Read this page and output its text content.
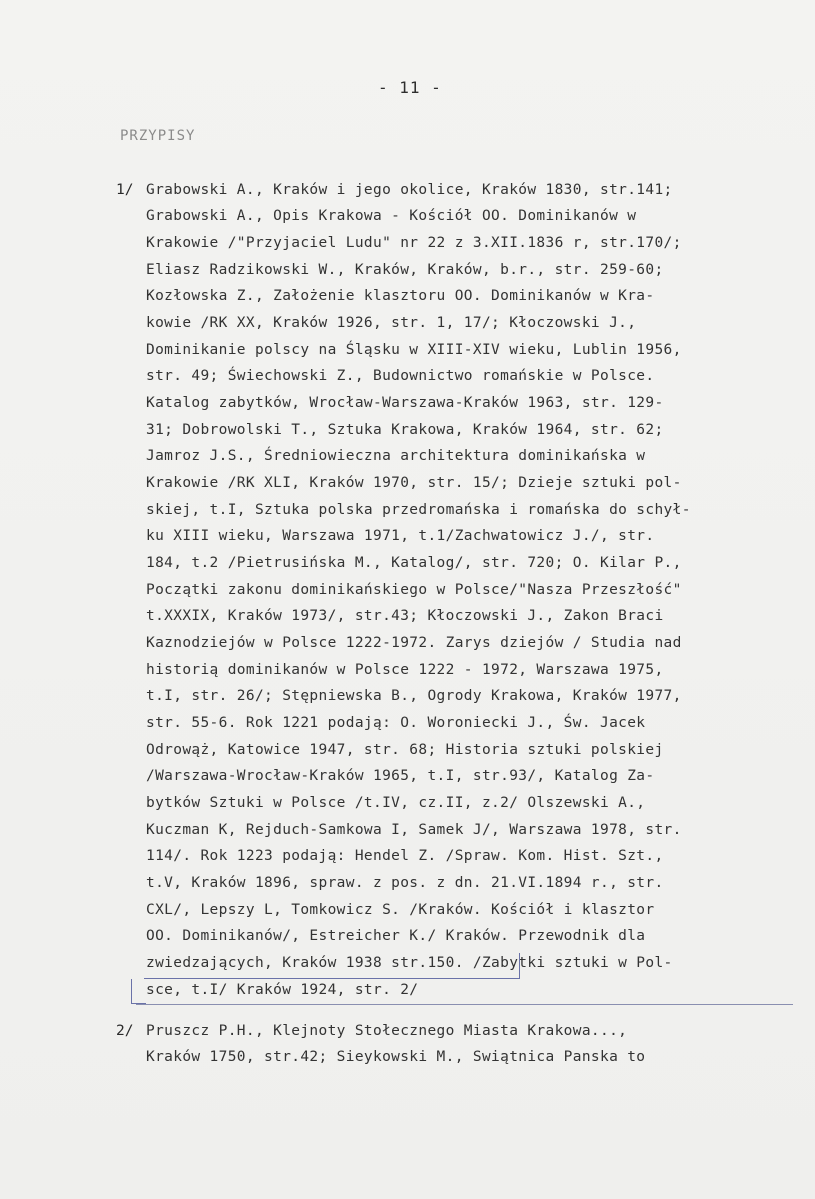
- 11 -
PRZYPISY
1/ Grabowski A., Kraków i jego okolice, Kraków 1830, str.141;
Grabowski A., Opis Krakowa - Kościół OO. Dominikanów w
Krakowie /"Przyjaciel Ludu" nr 22 z 3.XII.1836 r, str.170/;
Eliasz Radzikowski W., Kraków, Kraków, b.r., str. 259-60;
Kozłowska Z., Założenie klasztoru OO. Dominikanów w Kra-
kowie /RK XX, Kraków 1926, str. 1, 17/; Kłoczowski J.,
Dominikanie polscy na Śląsku w XIII-XIV wieku, Lublin 1956,
str. 49; Świechowski Z., Budownictwo romańskie w Polsce.
Katalog zabytków, Wrocław-Warszawa-Kraków 1963, str. 129-
31; Dobrowolski T., Sztuka Krakowa, Kraków 1964, str. 62;
Jamroz J.S., Średniowieczna architektura dominikańska w
Krakowie /RK XLI, Kraków 1970, str. 15/; Dzieje sztuki pol-
skiej, t.I, Sztuka polska przedromańska i romańska do schył-
ku XIII wieku, Warszawa 1971, t.1/Zachwatowicz J./, str.
184, t.2 /Pietrusińska M., Katalog/, str. 720; O. Kilar P.,
Początki zakonu dominikańskiego w Polsce/"Nasza Przeszłość"
t.XXXIX, Kraków 1973/, str.43; Kłoczowski J., Zakon Braci
Kaznodziejów w Polsce 1222-1972. Zarys dziejów / Studia nad
historią dominikanów w Polsce 1222 - 1972, Warszawa 1975,
t.I, str. 26/; Stępniewska B., Ogrody Krakowa, Kraków 1977,
str. 55-6. Rok 1221 podają: O. Woroniecki J., Św. Jacek
Odrowąż, Katowice 1947, str. 68; Historia sztuki polskiej
/Warszawa-Wrocław-Kraków 1965, t.I, str.93/, Katalog Za-
bytków Sztuki w Polsce /t.IV, cz.II, z.2/ Olszewski A.,
Kuczman K, Rejduch-Samkowa I, Samek J/, Warszawa 1978, str.
114/. Rok 1223 podają: Hendel Z. /Spraw. Kom. Hist. Szt.,
t.V, Kraków 1896, spraw. z pos. z dn. 21.VI.1894 r., str.
CXL/, Lepszy L, Tomkowicz S. /Kraków. Kościół i klasztor
OO. Dominikanów/, Estreicher K./ Kraków. Przewodnik dla
zwiedzających, Kraków 1938 str.150. /Zabytki sztuki w Pol-
sce, t.I/ Kraków 1924, str. 2/
2/ Pruszcz P.H., Klejnoty Stołecznego Miasta Krakowa...,
Kraków 1750, str.42; Sieykowski M., Swiątnica Panska to
